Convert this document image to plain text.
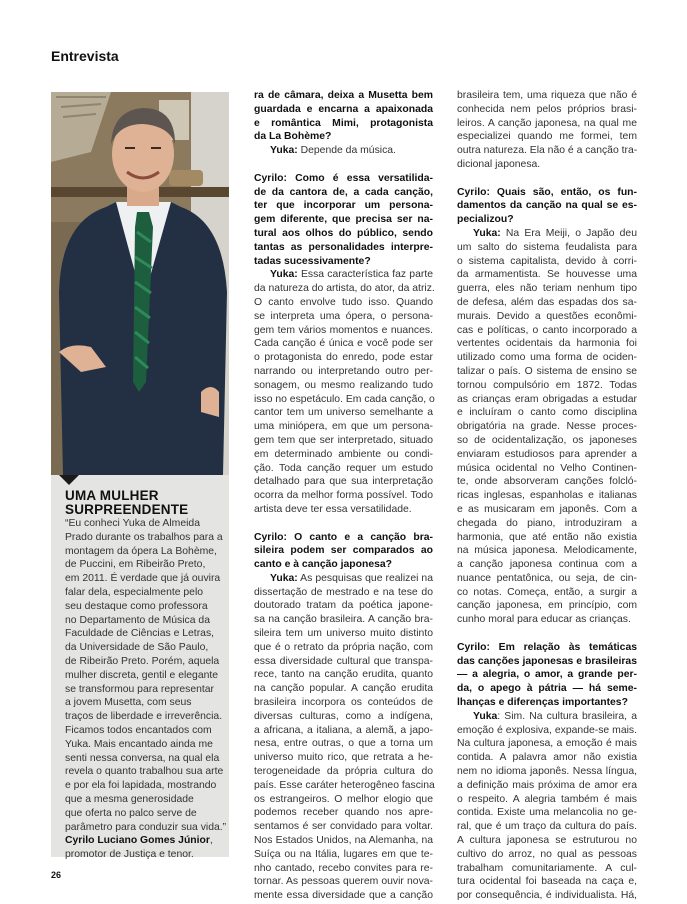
Entrevista
UMA MULHER
SURPREENDENTE
“Eu conheci Yuka de Almeida
Prado durante os trabalhos para a
montagem da ópera La Bohème,
de Puccini, em Ribeirão Preto,
em 2011. É verdade que já ouvira
falar dela, especialmente pelo
seu destaque como professora
no Departamento de Música da
Faculdade de Ciências e Letras,
da Universidade de São Paulo,
de Ribeirão Preto. Porém, aquela
mulher discreta, gentil e elegante
se transformou para representar
a jovem Musetta, com seus
traços de liberdade e irreverência.
Ficamos todos encantados com
Yuka. Mais encantado ainda me
senti nessa conversa, na qual ela
revela o quanto trabalhou sua arte
e por ela foi lapidada, mostrando
que a mesma generosidade
que oferta no palco serve de
parâmetro para conduzir sua vida.”
Cyrilo Luciano Gomes Júnior,
promotor de Justiça e tenor.
ra de câmara, deixa a Musetta bem
guardada e encarna a apaixonada
e romântica Mimi, protagonista
da La Bohème?
Yuka: Depende da música.
Cyrilo: Como é essa versatilida-
de da cantora de, a cada canção,
ter que incorporar um persona-
gem diferente, que precisa ser na-
tural aos olhos do público, sendo
tantas as personalidades interpre-
tadas sucessivamente?
Yuka: Essa característica faz parte
da natureza do artista, do ator, da atriz.
O canto envolve tudo isso. Quando
se interpreta uma ópera, o persona-
gem tem vários momentos e nuances.
Cada canção é única e você pode ser
o protagonista do enredo, pode estar
narrando ou interpretando outro per-
sonagem, ou mesmo realizando tudo
isso no espetáculo. Em cada canção, o
cantor tem um universo semelhante a
uma miniópera, em que um persona-
gem tem que ser interpretado, situado
em determinado ambiente ou condi-
ção. Toda canção requer um estudo
detalhado para que sua interpretação
ocorra da melhor forma possível. Todo
artista deve ter essa versatilidade.
Cyrilo: O canto e a canção bra-
sileira podem ser comparados ao
canto e à canção japonesa?
Yuka: As pesquisas que realizei na
dissertação de mestrado e na tese do
doutorado tratam da poética japone-
sa na canção brasileira. A canção bra-
sileira tem um universo muito distinto
que é o retrato da própria nação, com
essa diversidade cultural que transpa-
rece, tanto na canção erudita, quanto
na canção popular. A canção erudita
brasileira incorpora os conteúdos de
diversas culturas, como a indígena,
a africana, a italiana, a alemã, a japo-
nesa, entre outras, o que a torna um
universo muito rico, que retrata a he-
terogeneidade da própria cultura do
país. Esse caráter heterogêneo fascina
os estrangeiros. O melhor elogio que
podemos receber quando nos apre-
sentamos é ser convidado para voltar.
Nos Estados Unidos, na Alemanha, na
Suíça ou na Itália, lugares em que te-
nho cantado, recebo convites para re-
tornar. As pessoas querem ouvir nova-
mente essa diversidade que a canção
brasileira tem, uma riqueza que não é
conhecida nem pelos próprios brasi-
leiros. A canção japonesa, na qual me
especializei quando me formei, tem
outra natureza. Ela não é a canção tra-
dicional japonesa.
Cyrilo: Quais são, então, os fun-
damentos da canção na qual se es-
pecializou?
Yuka: Na Era Meiji, o Japão deu
um salto do sistema feudalista para
o sistema capitalista, devido à corri-
da armamentista. Se houvesse uma
guerra, eles não teriam nenhum tipo
de defesa, além das espadas dos sa-
murais. Devido a questões econômi-
cas e políticas, o canto incorporado a
vertentes ocidentais da harmonia foi
utilizado como uma forma de ociden-
talizar o país. O sistema de ensino se
tornou compulsório em 1872. Todas
as crianças eram obrigadas a estudar
e incluíram o canto como disciplina
obrigatória na grade. Nesse proces-
so de ocidentalização, os japoneses
enviaram estudiosos para aprender a
música ocidental no Velho Continen-
te, onde absorveram canções folcló-
ricas inglesas, espanholas e italianas
e as musicaram em japonês. Com a
chegada do piano, introduziram a
harmonia, que até então não existia
na música japonesa. Melodicamente,
a canção japonesa continua com a
nuance pentatônica, ou seja, de cin-
co notas. Começa, então, a surgir a
canção japonesa, em princípio, com
cunho moral para educar as crianças.
Cyrilo: Em relação às temáticas
das canções japonesas e brasileiras
— a alegria, o amor, a grande per-
da, o apego à pátria — há seme-
lhanças e diferenças importantes?
Yuka: Sim. Na cultura brasileira, a
emoção é explosiva, expande-se mais.
Na cultura japonesa, a emoção é mais
contida. A palavra amor não existia
nem no idioma japonês. Nessa língua,
a definição mais próxima de amor era
o respeito. A alegria também é mais
contida. Existe uma melancolia no ge-
ral, que é um traço da cultura do país.
A cultura japonesa se estruturou no
cultivo do arroz, no qual as pessoas
trabalham comunitariamente. A cul-
tura ocidental foi baseada na caça e,
por consequência, é individualista. Há,
26
